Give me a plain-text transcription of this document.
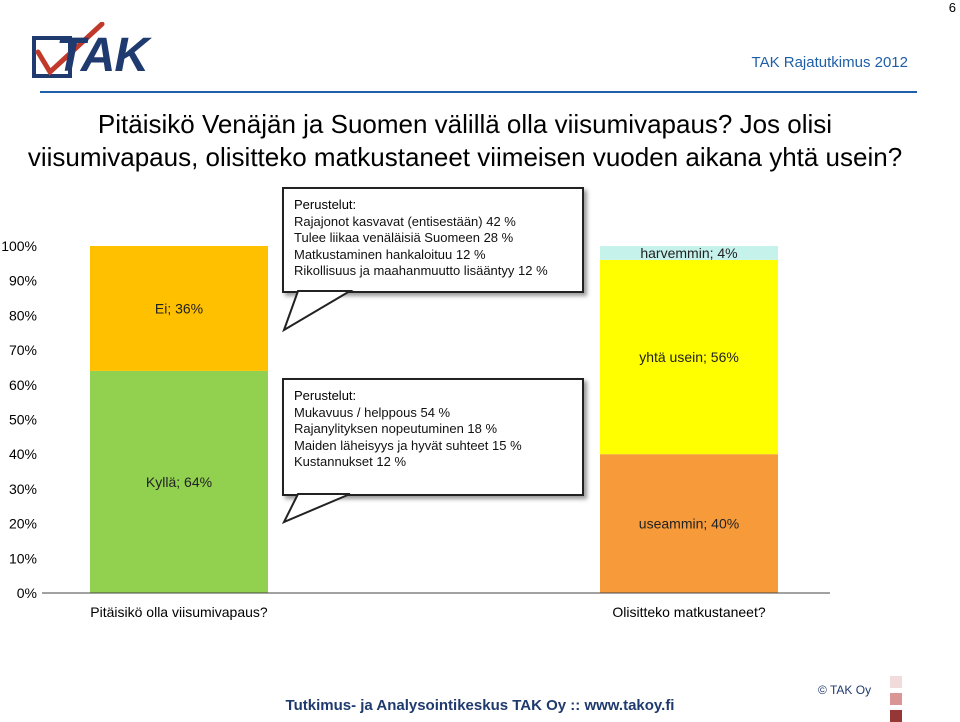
6
TAK	TAK Rajatutkimus 2012
Pitäisikö Venäjän ja Suomen välillä olla viisumivapaus? Jos olisi
viisumivapaus, olisitteko matkustaneet viimeisen vuoden aikana yhtä usein?
0%
10%
20%
30%
40%
50%
60%
70%
80%
90%
100%
Kyllä; 64%
Ei; 36%
Pitäisikö olla viisumivapaus?
useammin; 40%
yhtä usein; 56%
harvemmin; 4%
Olisitteko matkustaneet?
Perustelut:
Rajajonot kasvavat (entisestään) 42 %
Tulee liikaa venäläisiä Suomeen 28 %
Matkustaminen hankaloituu 12 %
Rikollisuus ja maahanmuutto lisääntyy 12 %
Perustelut:
Mukavuus / helppous 54 %
Rajanylityksen nopeutuminen 18 %
Maiden läheisyys ja hyvät suhteet 15 %
Kustannukset 12 %
© TAK Oy
Tutkimus- ja Analysointikeskus TAK Oy :: www.takoy.fi
